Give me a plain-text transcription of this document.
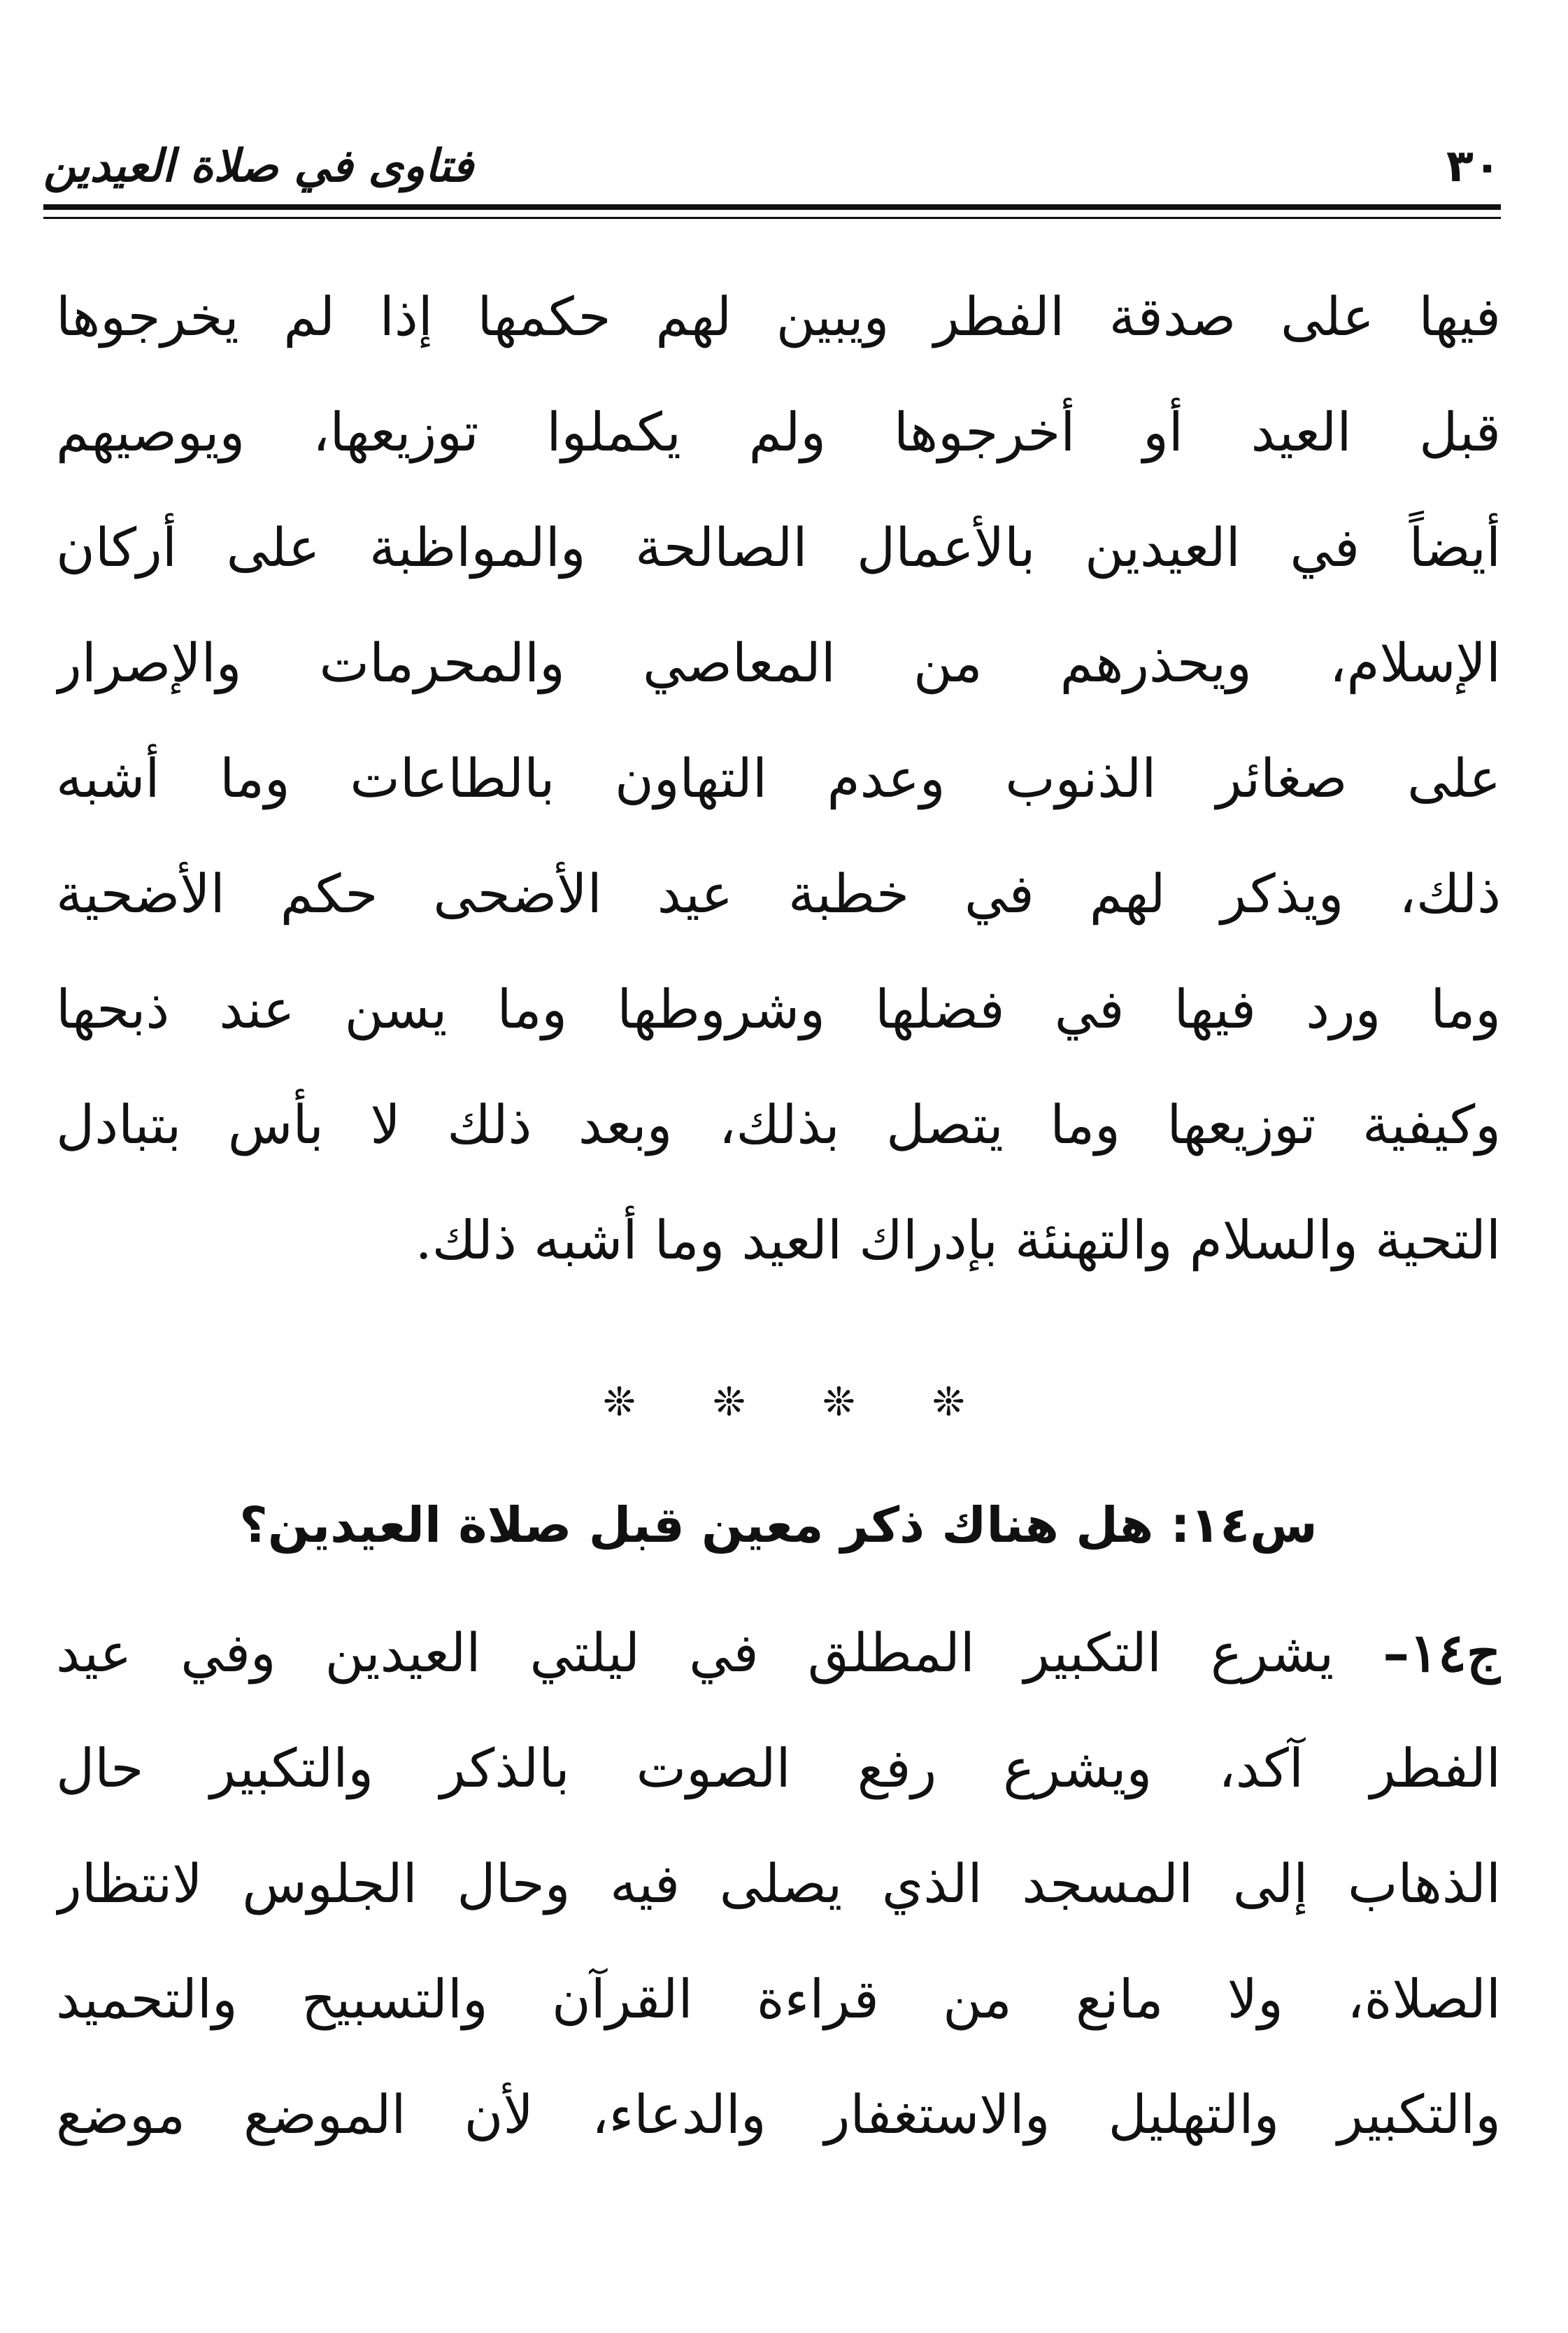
٣٠
فتاوى في صلاة العيدين
فيها على صدقة الفطر ويبين لهم حكمها إذا لم يخرجوها
قبل العيد أو أخرجوها ولم يكملوا توزيعها، ويوصيهم
أيضاً في العيدين بالأعمال الصالحة والمواظبة على أركان
الإسلام، ويحذرهم من المعاصي والمحرمات والإصرار
على صغائر الذنوب وعدم التهاون بالطاعات وما أشبه
ذلك، ويذكر لهم في خطبة عيد الأضحى حكم الأضحية
وما ورد فيها في فضلها وشروطها وما يسن عند ذبحها
وكيفية توزيعها وما يتصل بذلك، وبعد ذلك لا بأس بتبادل
التحية والسلام والتهنئة بإدراك العيد وما أشبه ذلك.
❊
❊
❊
❊
س١٤: هل هناك ذكر معين قبل صلاة العيدين؟
ج١٤– يشرع التكبير المطلق في ليلتي العيدين وفي عيد
الفطر آكد، ويشرع رفع الصوت بالذكر والتكبير حال
الذهاب إلى المسجد الذي يصلى فيه وحال الجلوس لانتظار
الصلاة، ولا مانع من قراءة القرآن والتسبيح والتحميد
والتكبير والتهليل والاستغفار والدعاء، لأن الموضع موضع
